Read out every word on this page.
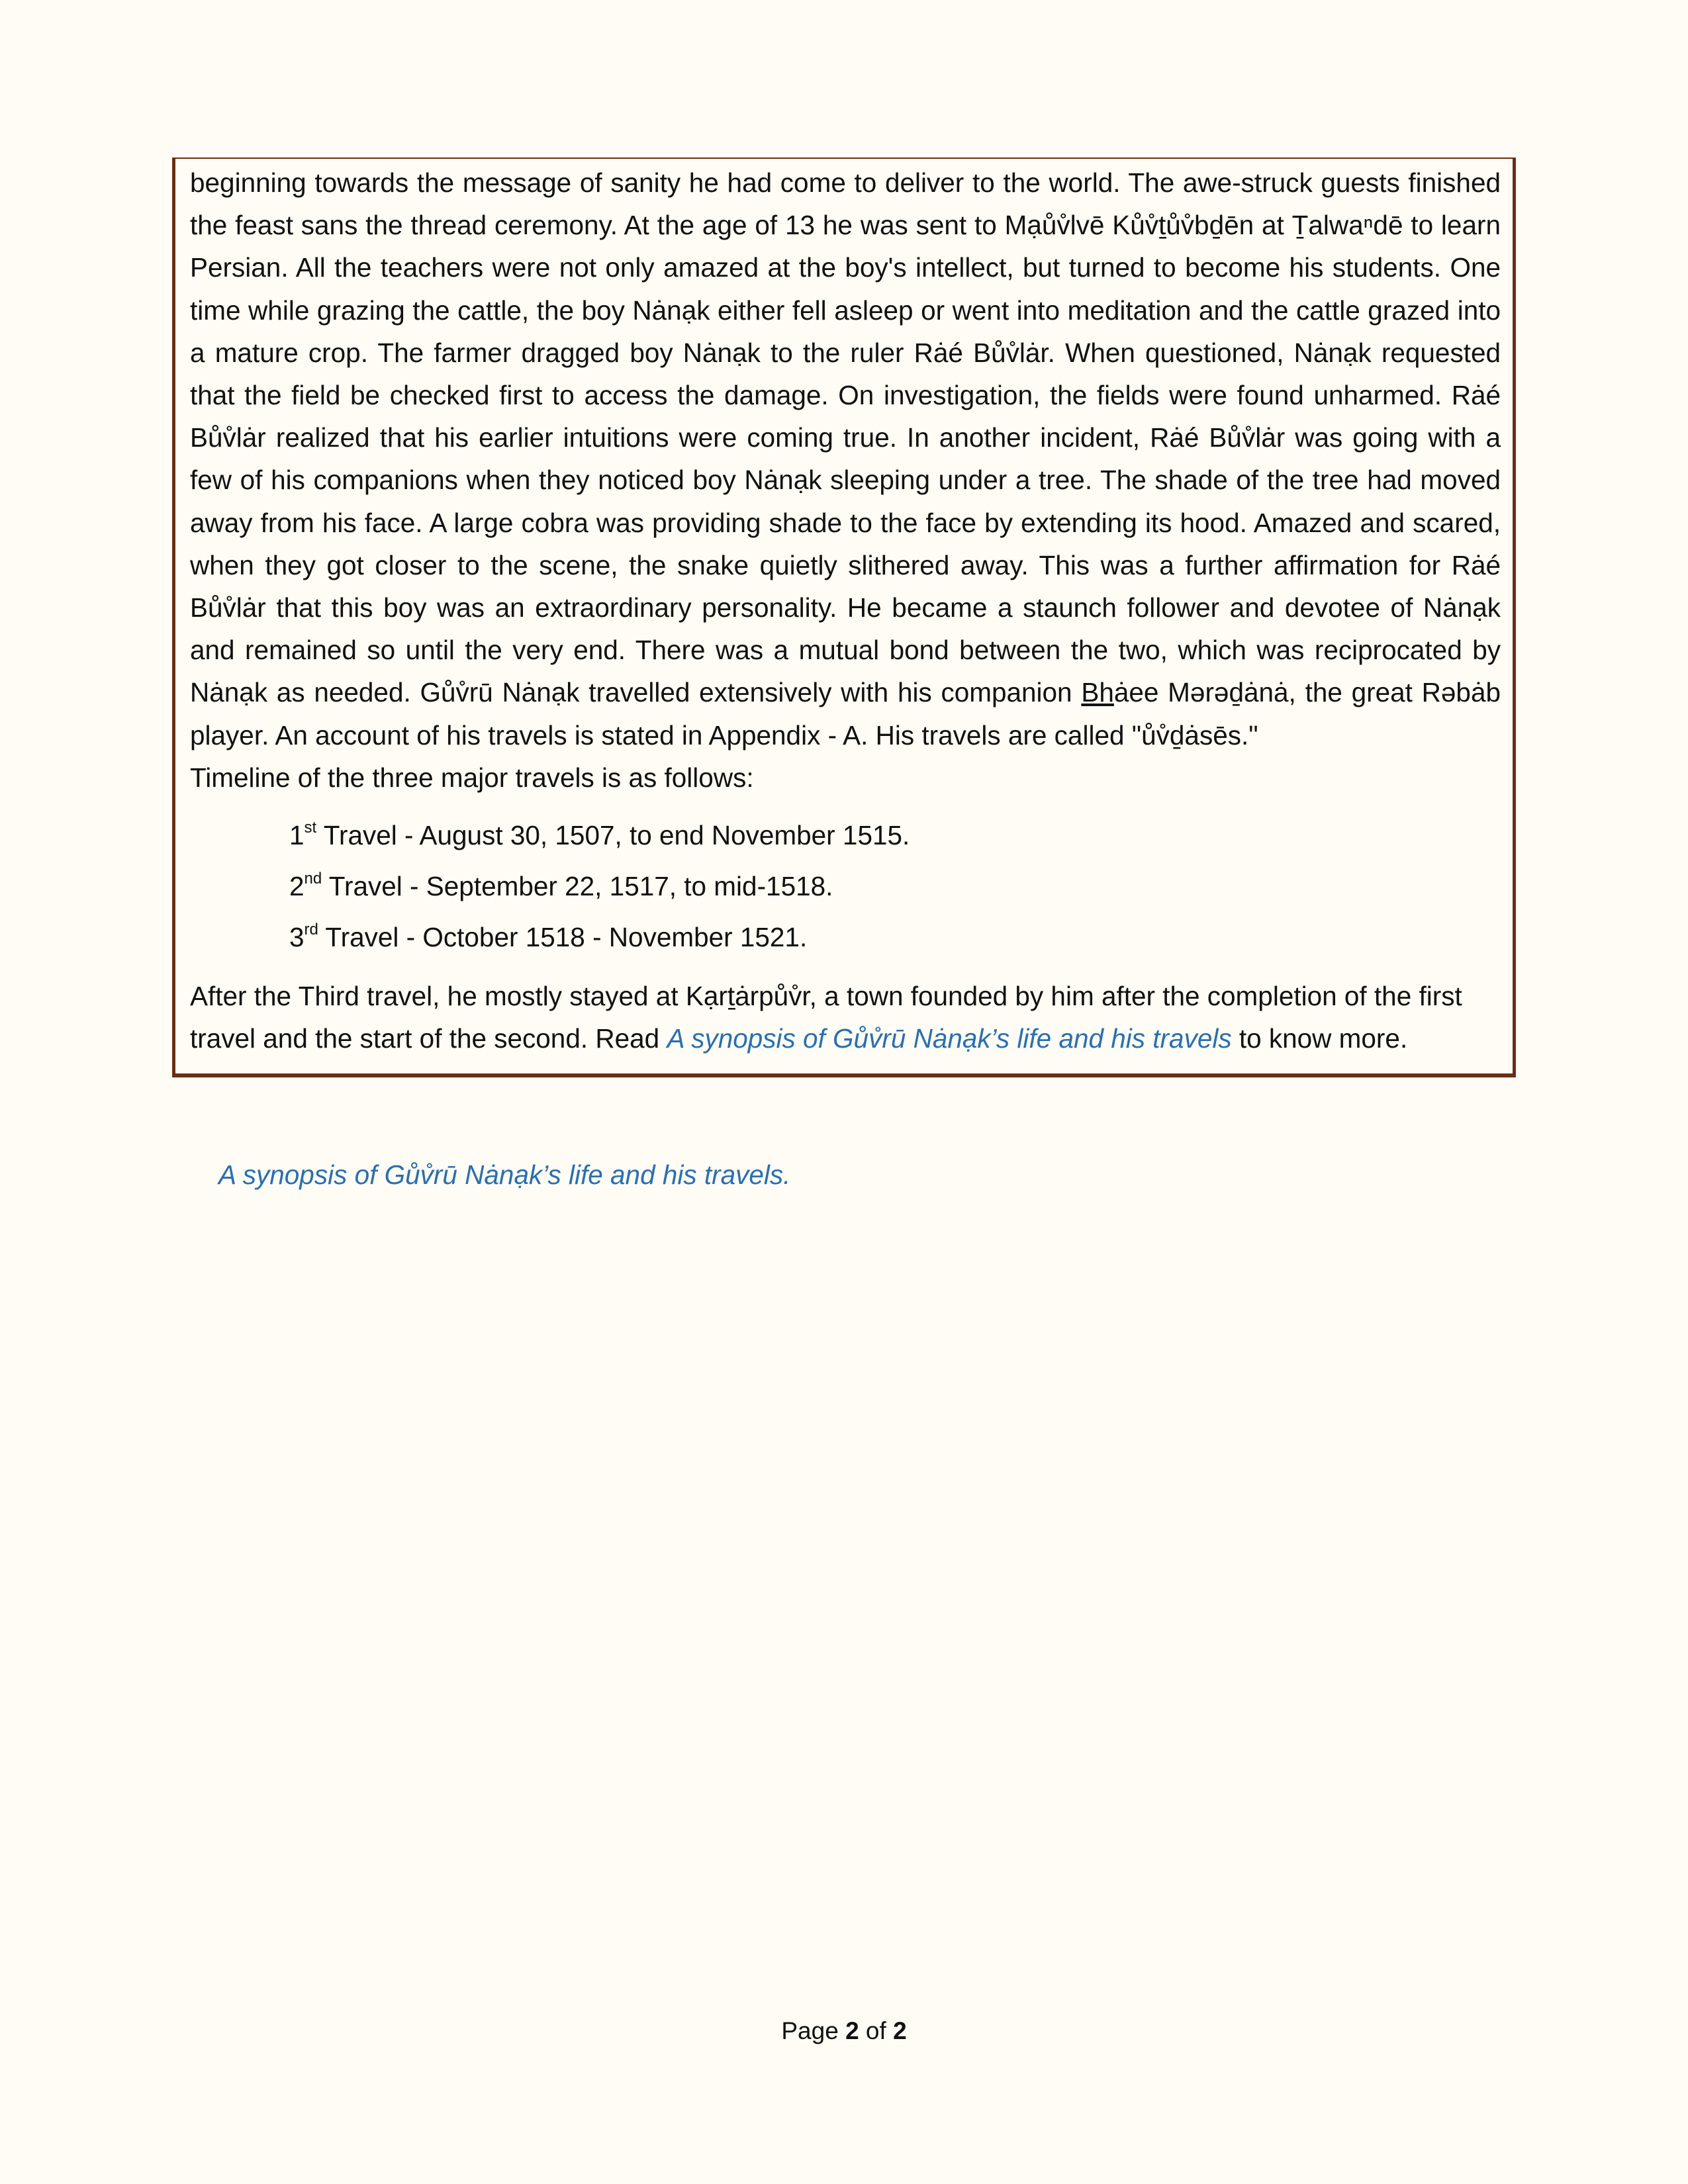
beginning towards the message of sanity he had come to deliver to the world. The awe-struck guests finished the feast sans the thread ceremony. At the age of 13 he was sent to Mạův̊lvē Kův̊ṯův̊bḏēn at Ṯalwaⁿdē to learn Persian. All the teachers were not only amazed at the boy's intellect, but turned to become his students. One time while grazing the cattle, the boy Nȧnạk either fell asleep or went into meditation and the cattle grazed into a mature crop. The farmer dragged boy Nȧnạk to the ruler Rȧé Bův̊lȧr. When questioned, Nȧnạk requested that the field be checked first to access the damage. On investigation, the fields were found unharmed. Rȧé Bův̊lȧr realized that his earlier intuitions were coming true. In another incident, Rȧé Bův̊lȧr was going with a few of his companions when they noticed boy Nȧnạk sleeping under a tree. The shade of the tree had moved away from his face. A large cobra was providing shade to the face by extending its hood. Amazed and scared, when they got closer to the scene, the snake quietly slithered away. This was a further affirmation for Rȧé Bův̊lȧr that this boy was an extraordinary personality. He became a staunch follower and devotee of Nȧnạk and remained so until the very end. There was a mutual bond between the two, which was reciprocated by Nȧnạk as needed. Gův̊rū Nȧnạk travelled extensively with his companion Bhȧee Mərəḏȧnȧ, the great Rəbȧb player. An account of his travels is stated in Appendix - A. His travels are called "ův̊ḏȧsēs."
Timeline of the three major travels is as follows:

1st Travel - August 30, 1507, to end November 1515.
2nd Travel - September 22, 1517, to mid-1518.
3rd Travel - October 1518 - November 1521.

After the Third travel, he mostly stayed at Kạrṯȧrpův̊r, a town founded by him after the completion of the first travel and the start of the second. Read A synopsis of Gův̊rū Nȧnạk’s life and his travels to know more.

A synopsis of Gův̊rū Nȧnạk’s life and his travels.
Page 2 of 2
